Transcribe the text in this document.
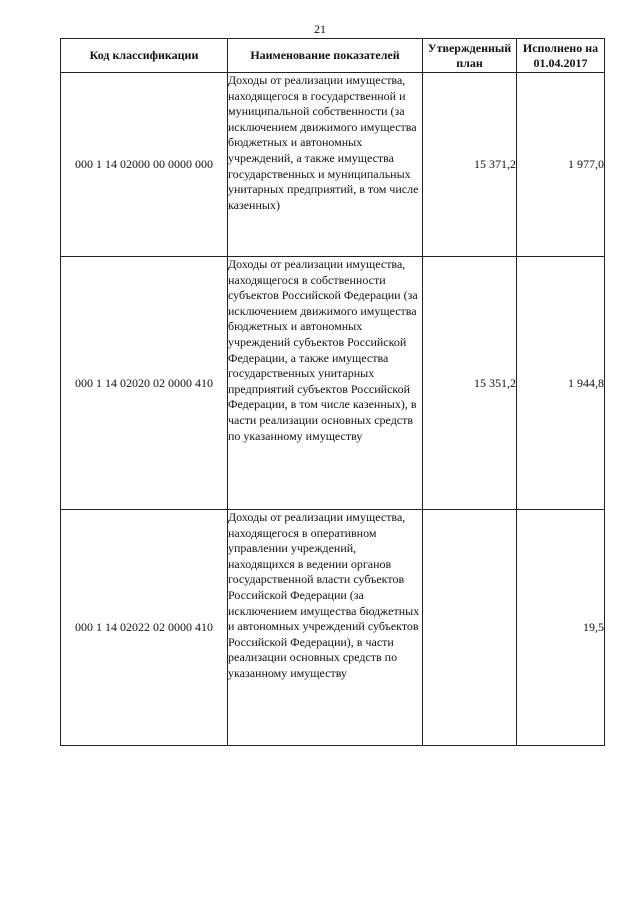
21
Код классификации	Наименование показателей	Утвержденный план	Исполнено на 01.04.2017
000 1 14 02000 00 0000 000	Доходы от реализации имущества, находящегося в государственной и муниципальной собственности (за исключением движимого имущества бюджетных и автономных учреждений, а также имущества государственных и муниципальных унитарных предприятий, в том числе казенных)	15 371,2	1 977,0
000 1 14 02020 02 0000 410	Доходы от реализации имущества, находящегося в собственности субъектов Российской Федерации (за исключением движимого имущества бюджетных и автономных учреждений субъектов Российской Федерации, а также имущества государственных унитарных предприятий субъектов Российской Федерации, в том числе казенных), в части реализации основных средств по указанному имуществу	15 351,2	1 944,8
000 1 14 02022 02 0000 410	Доходы от реализации имущества, находящегося в оперативном управлении учреждений, находящихся в ведении органов государственной власти субъектов Российской Федерации (за исключением имущества бюджетных и автономных учреждений субъектов Российской Федерации), в части реализации основных средств по указанному имуществу		19,5
